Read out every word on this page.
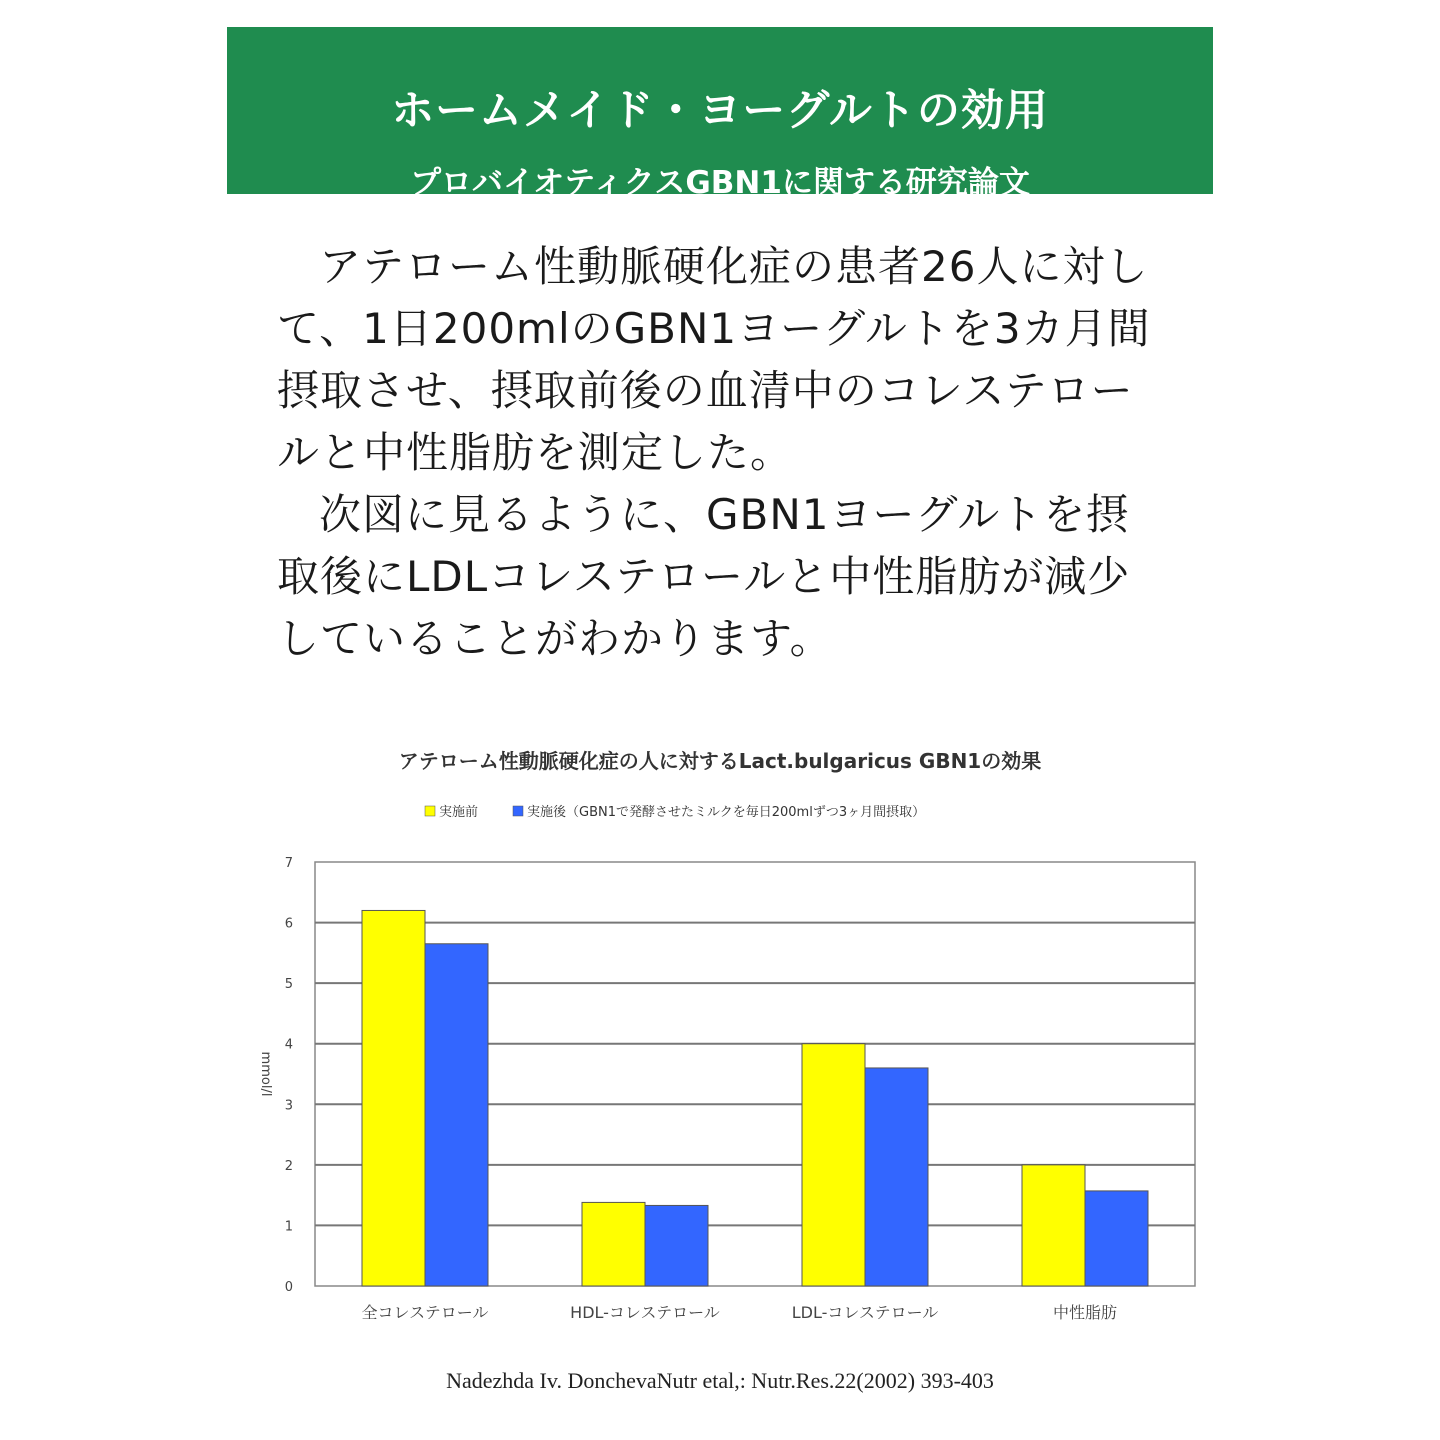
ホームメイド・ヨーグルトの効用
プロバイオティクスGBN1に関する研究論文

アテローム性動脈硬化症の患者26人に対して、1日200mlのGBN1ヨーグルトを3カ月間摂取させ、摂取前後の血清中のコレステロールと中性脂肪を測定した。

次図に見るように、GBN1ヨーグルトを摂取後にLDLコレステロールと中性脂肪が減少していることがわかります。

アテローム性動脈硬化症の人に対するLact.bulgaricus GBN1の効果
実施前	実施後（GBN1で発酵させたミルクを毎日200mlずつ3ヶ月間摂取）
0
1
2
3
4
5
6
7
mmol/l
全コレステロール	HDL-コレステロール	LDL-コレステロール	中性脂肪
Nadezhda Iv. DonchevaNutr etal,: Nutr.Res.22(2002) 393-403
